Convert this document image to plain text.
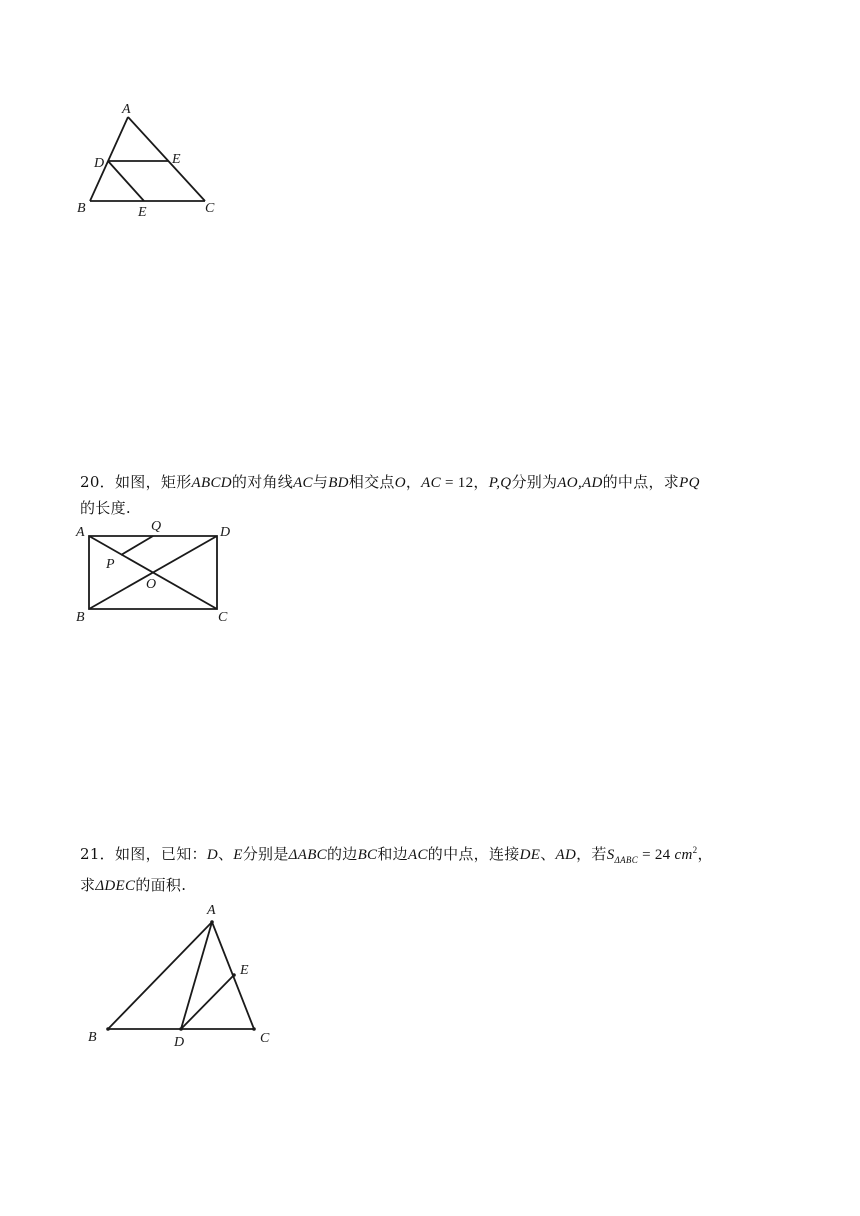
A
D	E
B	E	C
20．如图，矩形ABCD的对角线AC与BD相交点O，AC = 12，P,Q分别为AO,AD的中点，求PQ
的长度.
A	Q	D
P
O
B	C
21．如图，已知：D、E分别是ΔABC的边BC和边AC的中点，连接DE、AD，若$S_{\Delta ABC} = 24$ $cm^2$，
求ΔDEC的面积.
A
E
B	D	C
